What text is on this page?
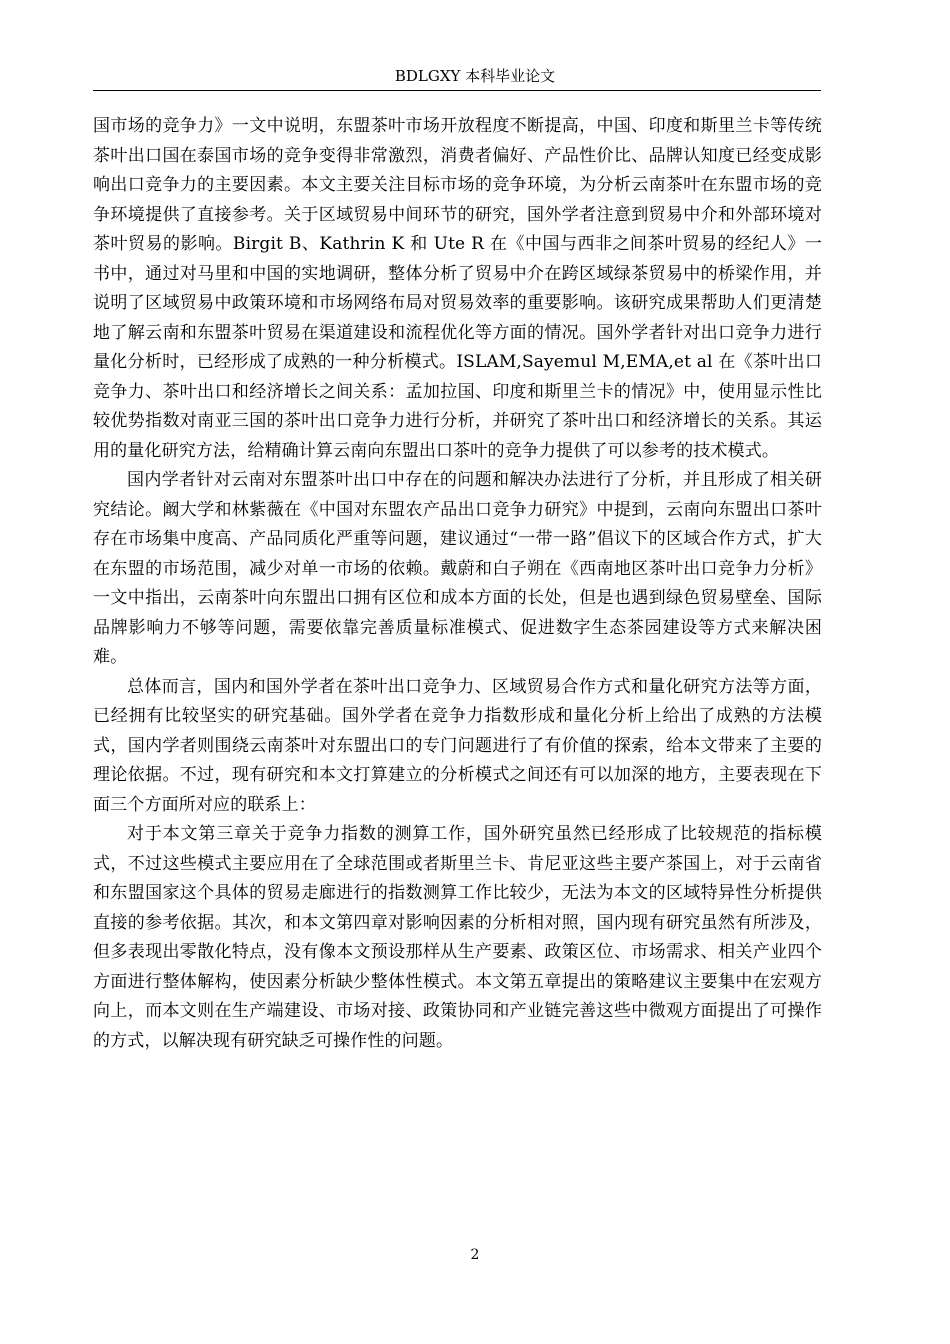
BDLGXY 本科毕业论文

国市场的竞争力》一文中说明，东盟茶叶市场开放程度不断提高，中国、印度和斯里兰卡等传统茶叶出口国在泰国市场的竞争变得非常激烈，消费者偏好、产品性价比、品牌认知度已经变成影响出口竞争力的主要因素。本文主要关注目标市场的竞争环境，为分析云南茶叶在东盟市场的竞争环境提供了直接参考。关于区域贸易中间环节的研究，国外学者注意到贸易中介和外部环境对茶叶贸易的影响。Birgit B、Kathrin K 和 Ute R 在《中国与西非之间茶叶贸易的经纪人》一书中，通过对马里和中国的实地调研，整体分析了贸易中介在跨区域绿茶贸易中的桥梁作用，并说明了区域贸易中政策环境和市场网络布局对贸易效率的重要影响。该研究成果帮助人们更清楚地了解云南和东盟茶叶贸易在渠道建设和流程优化等方面的情况。国外学者针对出口竞争力进行量化分析时，已经形成了成熟的一种分析模式。ISLAM,Sayemul M,EMA,et al 在《茶叶出口竞争力、茶叶出口和经济增长之间关系：孟加拉国、印度和斯里兰卡的情况》中，使用显示性比较优势指数对南亚三国的茶叶出口竞争力进行分析，并研究了茶叶出口和经济增长的关系。其运用的量化研究方法，给精确计算云南向东盟出口茶叶的竞争力提供了可以参考的技术模式。

国内学者针对云南对东盟茶叶出口中存在的问题和解决办法进行了分析，并且形成了相关研究结论。阚大学和林紫薇在《中国对东盟农产品出口竞争力研究》中提到，云南向东盟出口茶叶存在市场集中度高、产品同质化严重等问题，建议通过“一带一路”倡议下的区域合作方式，扩大在东盟的市场范围，减少对单一市场的依赖。戴蔚和白子朔在《西南地区茶叶出口竞争力分析》一文中指出，云南茶叶向东盟出口拥有区位和成本方面的长处，但是也遇到绿色贸易壁垒、国际品牌影响力不够等问题，需要依靠完善质量标准模式、促进数字生态茶园建设等方式来解决困难。

总体而言，国内和国外学者在茶叶出口竞争力、区域贸易合作方式和量化研究方法等方面，已经拥有比较坚实的研究基础。国外学者在竞争力指数形成和量化分析上给出了成熟的方法模式，国内学者则围绕云南茶叶对东盟出口的专门问题进行了有价值的探索，给本文带来了主要的理论依据。不过，现有研究和本文打算建立的分析模式之间还有可以加深的地方，主要表现在下面三个方面所对应的联系上：

对于本文第三章关于竞争力指数的测算工作，国外研究虽然已经形成了比较规范的指标模式，不过这些模式主要应用在了全球范围或者斯里兰卡、肯尼亚这些主要产茶国上，对于云南省和东盟国家这个具体的贸易走廊进行的指数测算工作比较少，无法为本文的区域特异性分析提供直接的参考依据。其次，和本文第四章对影响因素的分析相对照，国内现有研究虽然有所涉及，但多表现出零散化特点，没有像本文预设那样从生产要素、政策区位、市场需求、相关产业四个方面进行整体解构，使因素分析缺少整体性模式。本文第五章提出的策略建议主要集中在宏观方向上，而本文则在生产端建设、市场对接、政策协同和产业链完善这些中微观方面提出了可操作的方式，以解决现有研究缺乏可操作性的问题。

2
